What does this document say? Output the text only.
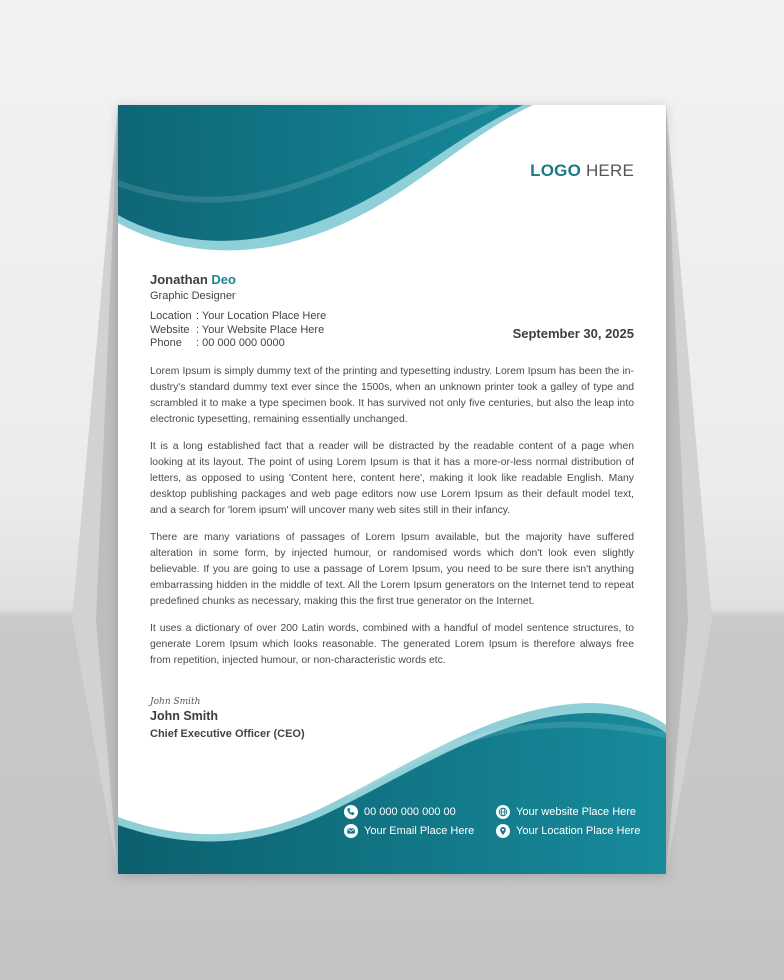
LOGO HERE
Jonathan Deo
Graphic Designer
Location : Your Location Place Here
Website : Your Website Place Here
Phone	: 00 000 000 0000
September 30, 2025

Lorem Ipsum is simply dummy text of the printing and typesetting industry. Lorem Ipsum has been the in-dustry's standard dummy text ever since the 1500s, when an unknown printer took a galley of type and scrambled it to make a type specimen book. It has survived not only five centuries, but also the leap into electronic typesetting, remaining essentially unchanged.

It is a long established fact that a reader will be distracted by the readable content of a page when looking at its layout. The point of using Lorem Ipsum is that it has a more-or-less normal distribution of letters, as opposed to using 'Content here, content here', making it look like readable English. Many desktop publishing packages and web page editors now use Lorem Ipsum as their default model text, and a search for 'lorem ipsum' will uncover many web sites still in their infancy.

There are many variations of passages of Lorem Ipsum available, but the majority have suffered alteration in some form, by injected humour, or randomised words which don't look even slightly believable. If you are going to use a passage of Lorem Ipsum, you need to be sure there isn't anything embarrassing hidden in the middle of text. All the Lorem Ipsum generators on the Internet tend to repeat predefined chunks as necessary, making this the first true generator on the Internet.

It uses a dictionary of over 200 Latin words, combined with a handful of model sentence structures, to generate Lorem Ipsum which looks reasonable. The generated Lorem Ipsum is therefore always free from repetition, injected humour, or non-characteristic words etc.

John Smith
John Smith
Chief Executive Officer (CEO)
00 000 000 000 00
Your Email Place Here
Your website Place Here
Your Location Place Here
